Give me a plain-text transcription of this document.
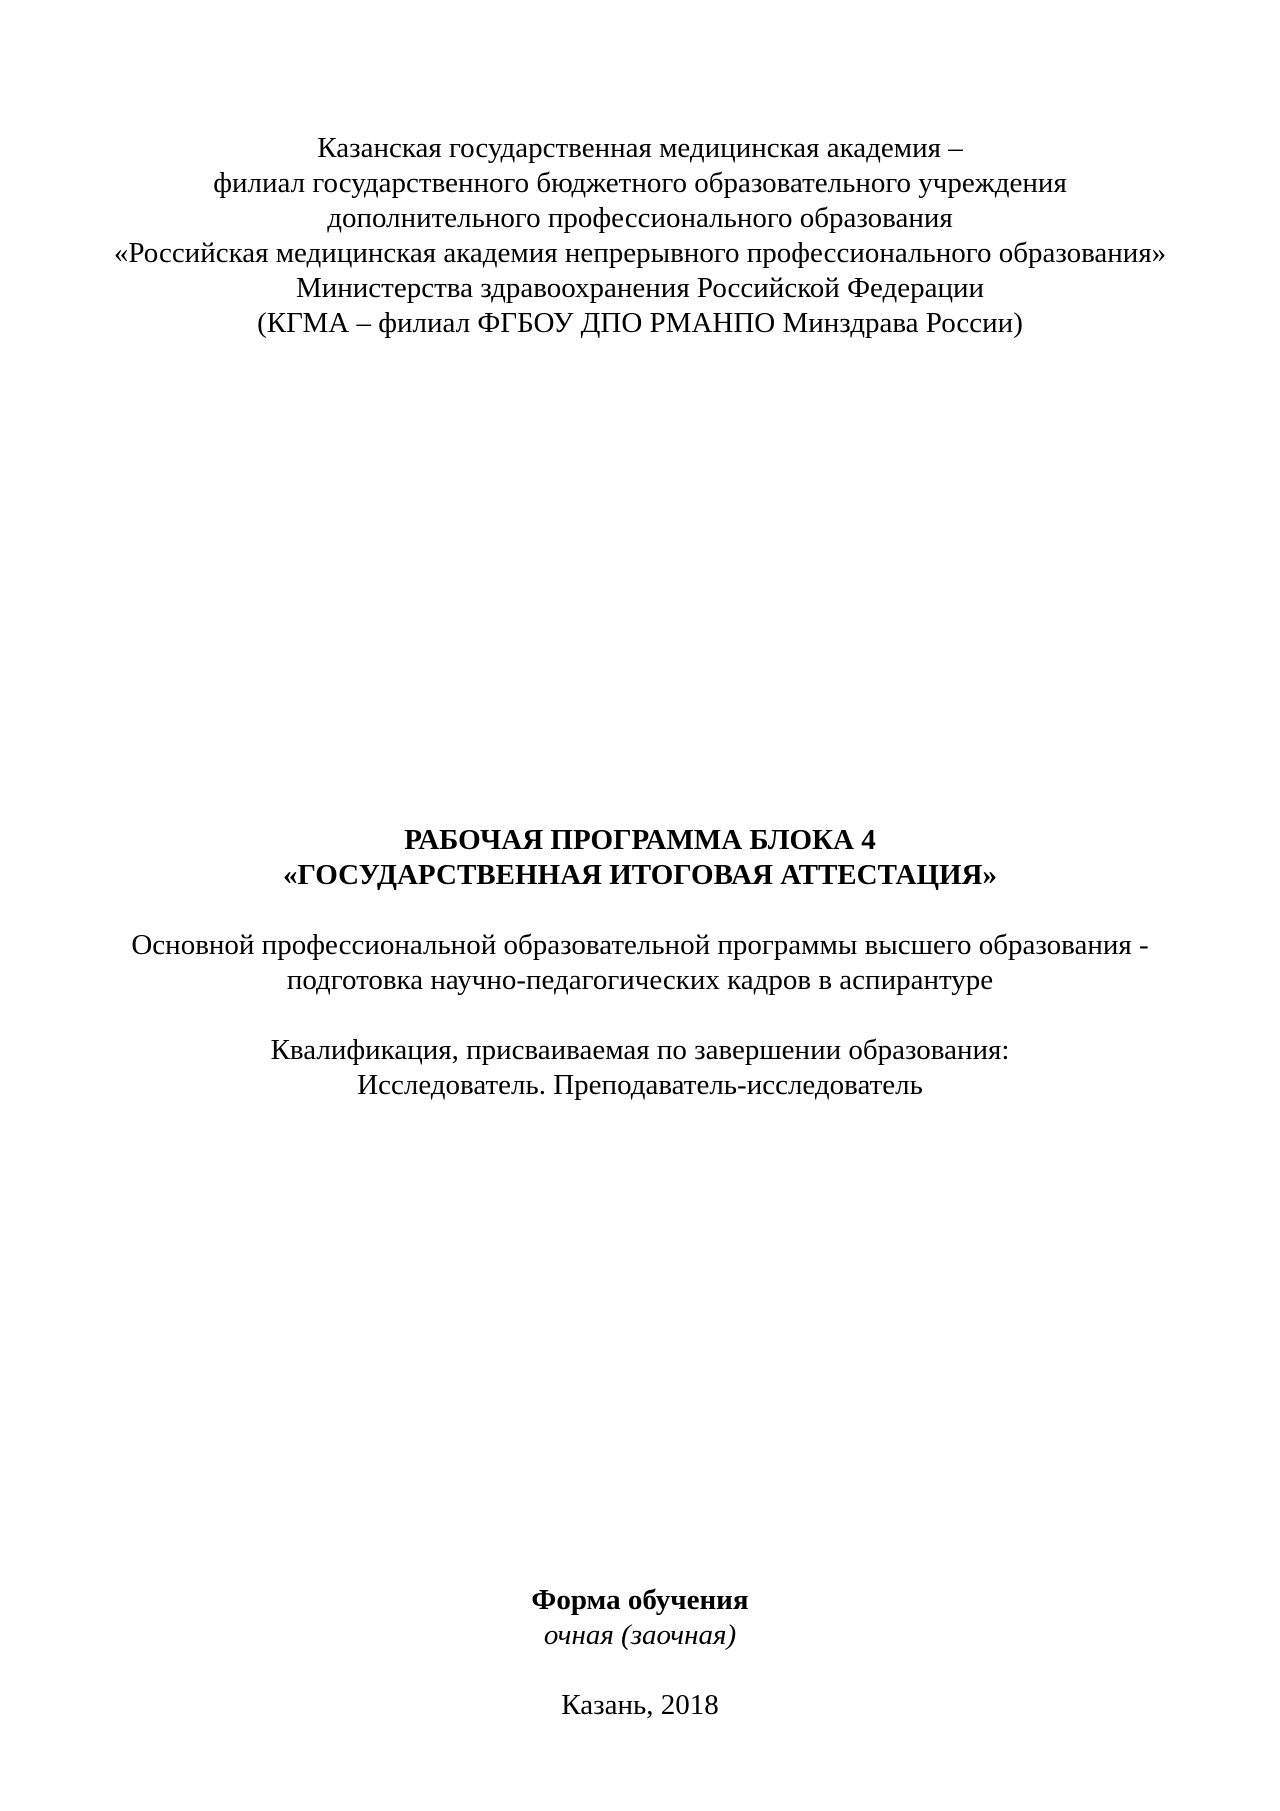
Казанская государственная медицинская академия –
филиал государственного бюджетного образовательного учреждения
дополнительного профессионального образования
«Российская медицинская академия непрерывного профессионального образования»
Министерства здравоохранения Российской Федерации
(КГМА – филиал ФГБОУ ДПО РМАНПО Минздрава России)
РАБОЧАЯ ПРОГРАММА БЛОКА 4
«ГОСУДАРСТВЕННАЯ ИТОГОВАЯ АТТЕСТАЦИЯ»
Основной профессиональной образовательной программы высшего образования -
подготовка научно-педагогических кадров в аспирантуре
Квалификация, присваиваемая по завершении образования:
Исследователь. Преподаватель-исследователь
Форма обучения
очная (заочная)
Казань, 2018
